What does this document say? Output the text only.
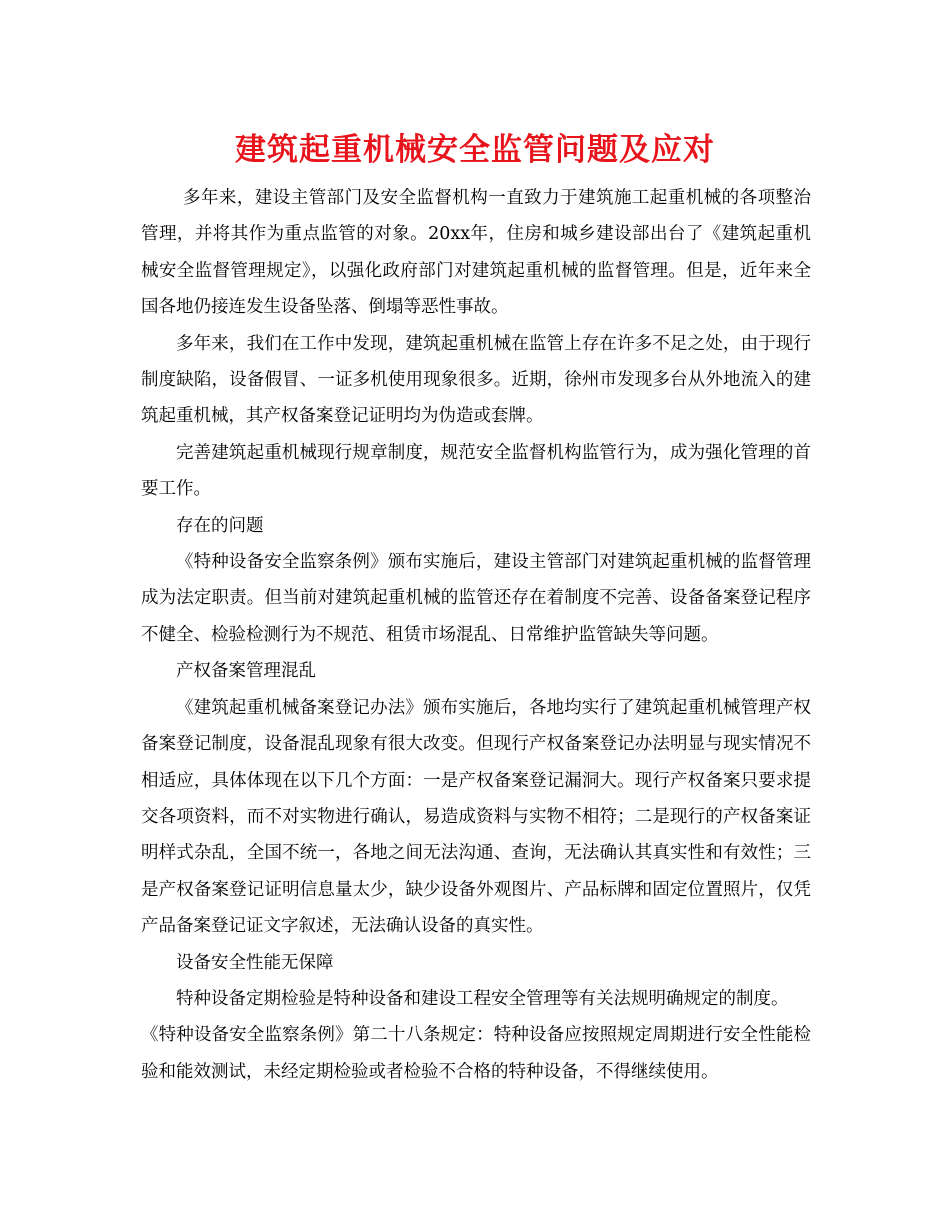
建筑起重机械安全监管问题及应对

多年来，建设主管部门及安全监督机构一直致力于建筑施工起重机械的各项整治管理，并将其作为重点监管的对象。20xx年，住房和城乡建设部出台了《建筑起重机械安全监督管理规定》，以强化政府部门对建筑起重机械的监督管理。但是，近年来全国各地仍接连发生设备坠落、倒塌等恶性事故。

多年来，我们在工作中发现，建筑起重机械在监管上存在许多不足之处，由于现行制度缺陷，设备假冒、一证多机使用现象很多。近期，徐州市发现多台从外地流入的建筑起重机械，其产权备案登记证明均为伪造或套牌。

完善建筑起重机械现行规章制度，规范安全监督机构监管行为，成为强化管理的首要工作。

存在的问题

《特种设备安全监察条例》颁布实施后，建设主管部门对建筑起重机械的监督管理成为法定职责。但当前对建筑起重机械的监管还存在着制度不完善、设备备案登记程序不健全、检验检测行为不规范、租赁市场混乱、日常维护监管缺失等问题。

产权备案管理混乱

《建筑起重机械备案登记办法》颁布实施后，各地均实行了建筑起重机械管理产权备案登记制度，设备混乱现象有很大改变。但现行产权备案登记办法明显与现实情况不相适应，具体体现在以下几个方面：一是产权备案登记漏洞大。现行产权备案只要求提交各项资料，而不对实物进行确认，易造成资料与实物不相符；二是现行的产权备案证明样式杂乱，全国不统一，各地之间无法沟通、查询，无法确认其真实性和有效性；三是产权备案登记证明信息量太少，缺少设备外观图片、产品标牌和固定位置照片，仅凭产品备案登记证文字叙述，无法确认设备的真实性。

设备安全性能无保障

特种设备定期检验是特种设备和建设工程安全管理等有关法规明确规定的制度。

《特种设备安全监察条例》第二十八条规定：特种设备应按照规定周期进行安全性能检验和能效测试，未经定期检验或者检验不合格的特种设备，不得继续使用。
